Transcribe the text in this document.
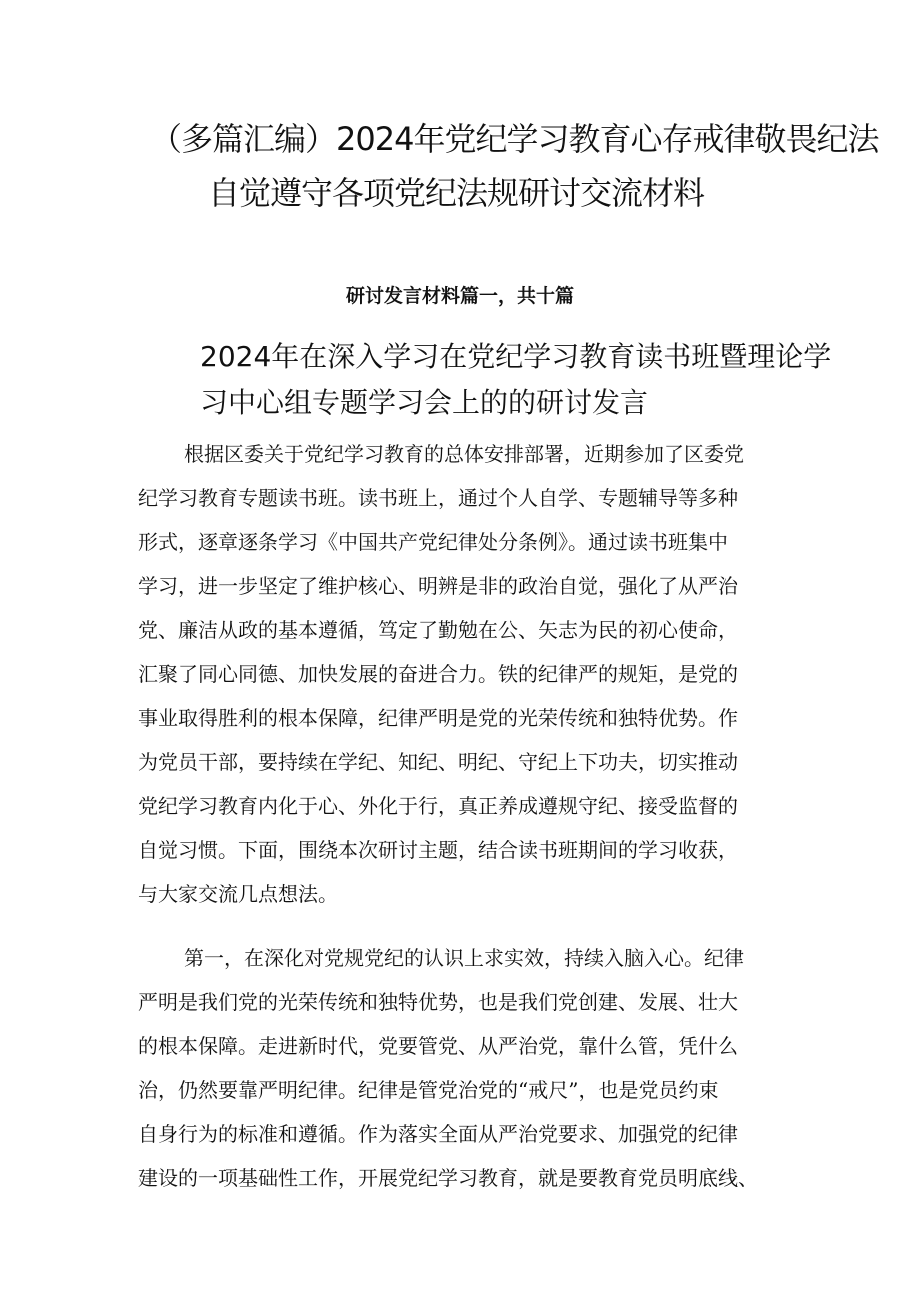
（多篇汇编）2024年党纪学习教育心存戒律敬畏纪法
自觉遵守各项党纪法规研讨交流材料
研讨发言材料篇一，共十篇
2024年在深入学习在党纪学习教育读书班暨理论学
习中心组专题学习会上的的研讨发言
根据区委关于党纪学习教育的总体安排部署，近期参加了区委党
纪学习教育专题读书班。读书班上，通过个人自学、专题辅导等多种
形式，逐章逐条学习《中国共产党纪律处分条例》。通过读书班集中
学习，进一步坚定了维护核心、明辨是非的政治自觉，强化了从严治
党、廉洁从政的基本遵循，笃定了勤勉在公、矢志为民的初心使命，
汇聚了同心同德、加快发展的奋进合力。铁的纪律严的规矩，是党的
事业取得胜利的根本保障，纪律严明是党的光荣传统和独特优势。作
为党员干部，要持续在学纪、知纪、明纪、守纪上下功夫，切实推动
党纪学习教育内化于心、外化于行，真正养成遵规守纪、接受监督的
自觉习惯。下面，围绕本次研讨主题，结合读书班期间的学习收获，
与大家交流几点想法。
第一，在深化对党规党纪的认识上求实效，持续入脑入心。纪律
严明是我们党的光荣传统和独特优势，也是我们党创建、发展、壮大
的根本保障。走进新时代，党要管党、从严治党，靠什么管，凭什么
治，仍然要靠严明纪律。纪律是管党治党的“戒尺”，也是党员约束
自身行为的标准和遵循。作为落实全面从严治党要求、加强党的纪律
建设的一项基础性工作，开展党纪学习教育，就是要教育党员明底线、
